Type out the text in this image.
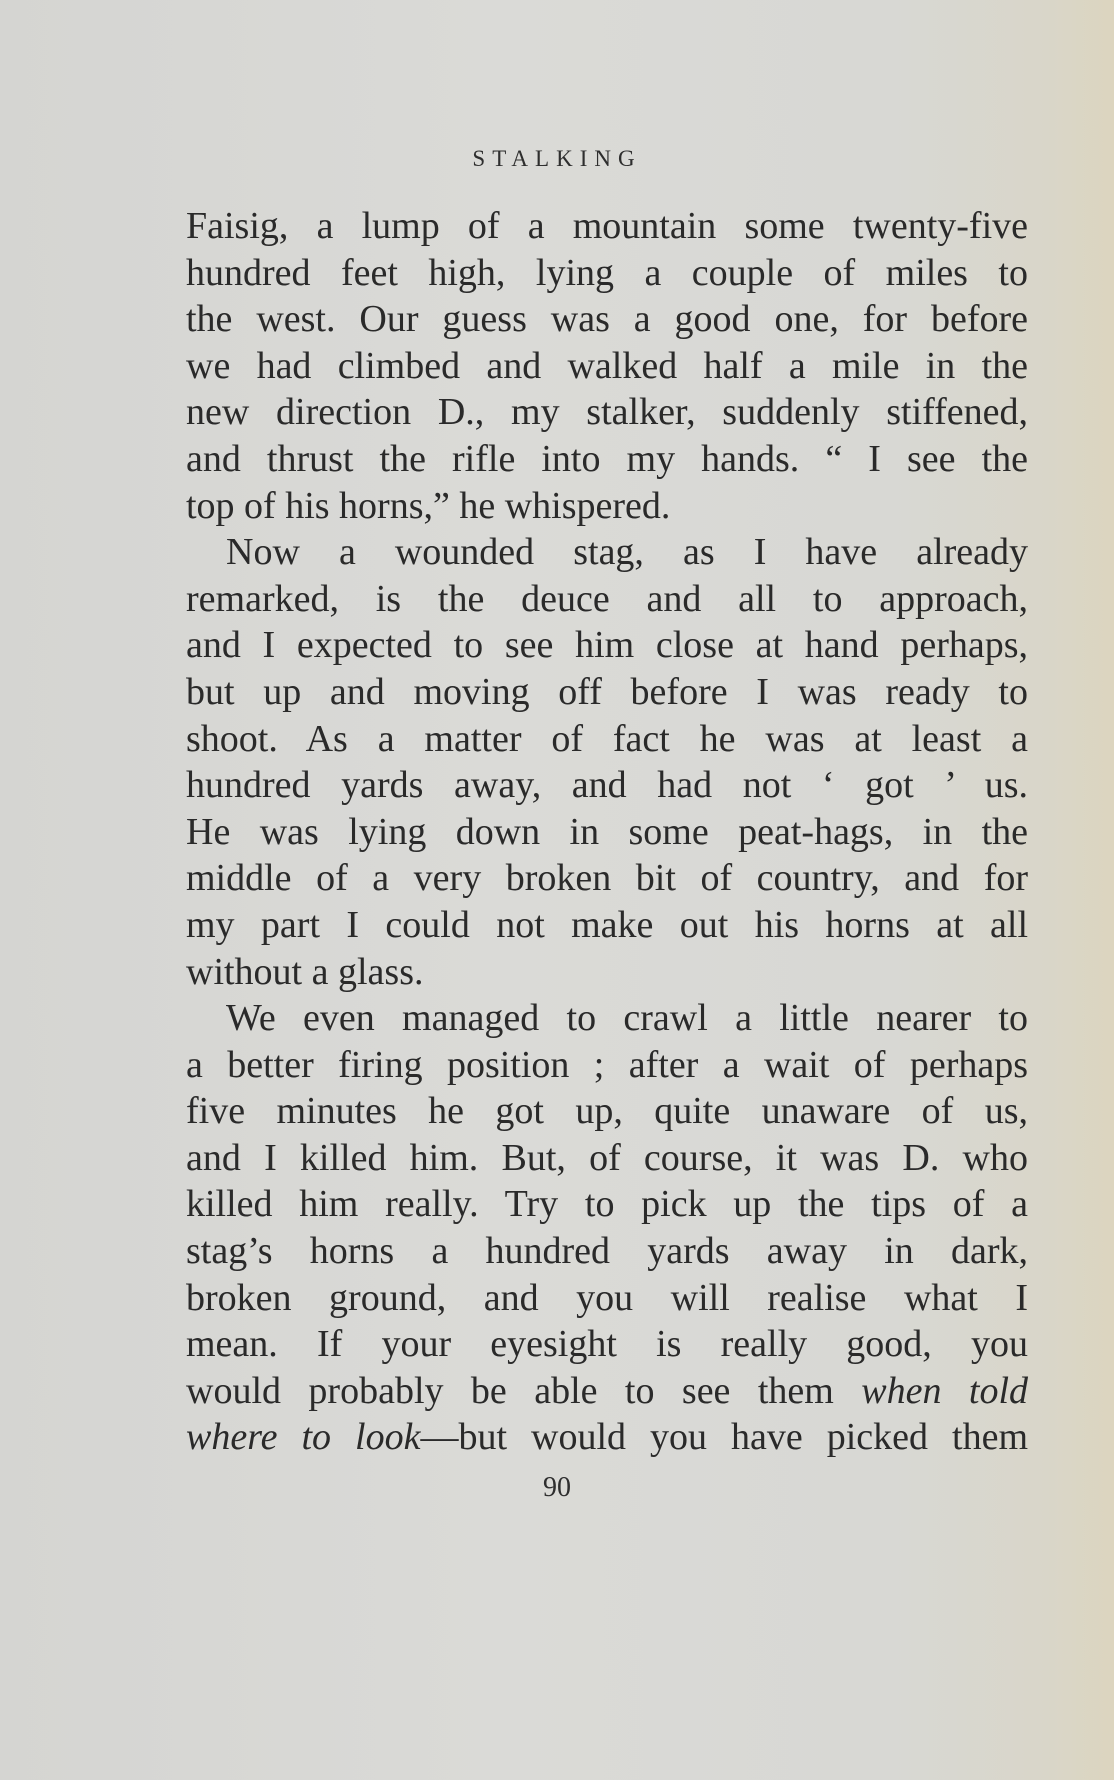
STALKING

Faisig, a lump of a mountain some twenty-five
hundred feet high, lying a couple of miles to
the west. Our guess was a good one, for before
we had climbed and walked half a mile in the
new direction D., my stalker, suddenly stiffened,
and thrust the rifle into my hands. “ I see the
top of his horns,” he whispered.

Now a wounded stag, as I have already
remarked, is the deuce and all to approach,
and I expected to see him close at hand perhaps,
but up and moving off before I was ready to
shoot. As a matter of fact he was at least a
hundred yards away, and had not ‘ got ’ us.
He was lying down in some peat-hags, in the
middle of a very broken bit of country, and for
my part I could not make out his horns at all
without a glass.

We even managed to crawl a little nearer to
a better firing position ; after a wait of perhaps
five minutes he got up, quite unaware of us,
and I killed him. But, of course, it was D. who
killed him really. Try to pick up the tips of a
stag’s horns a hundred yards away in dark,
broken ground, and you will realise what I
mean. If your eyesight is really good, you
would probably be able to see them when told
where to look—but would you have picked them

90
